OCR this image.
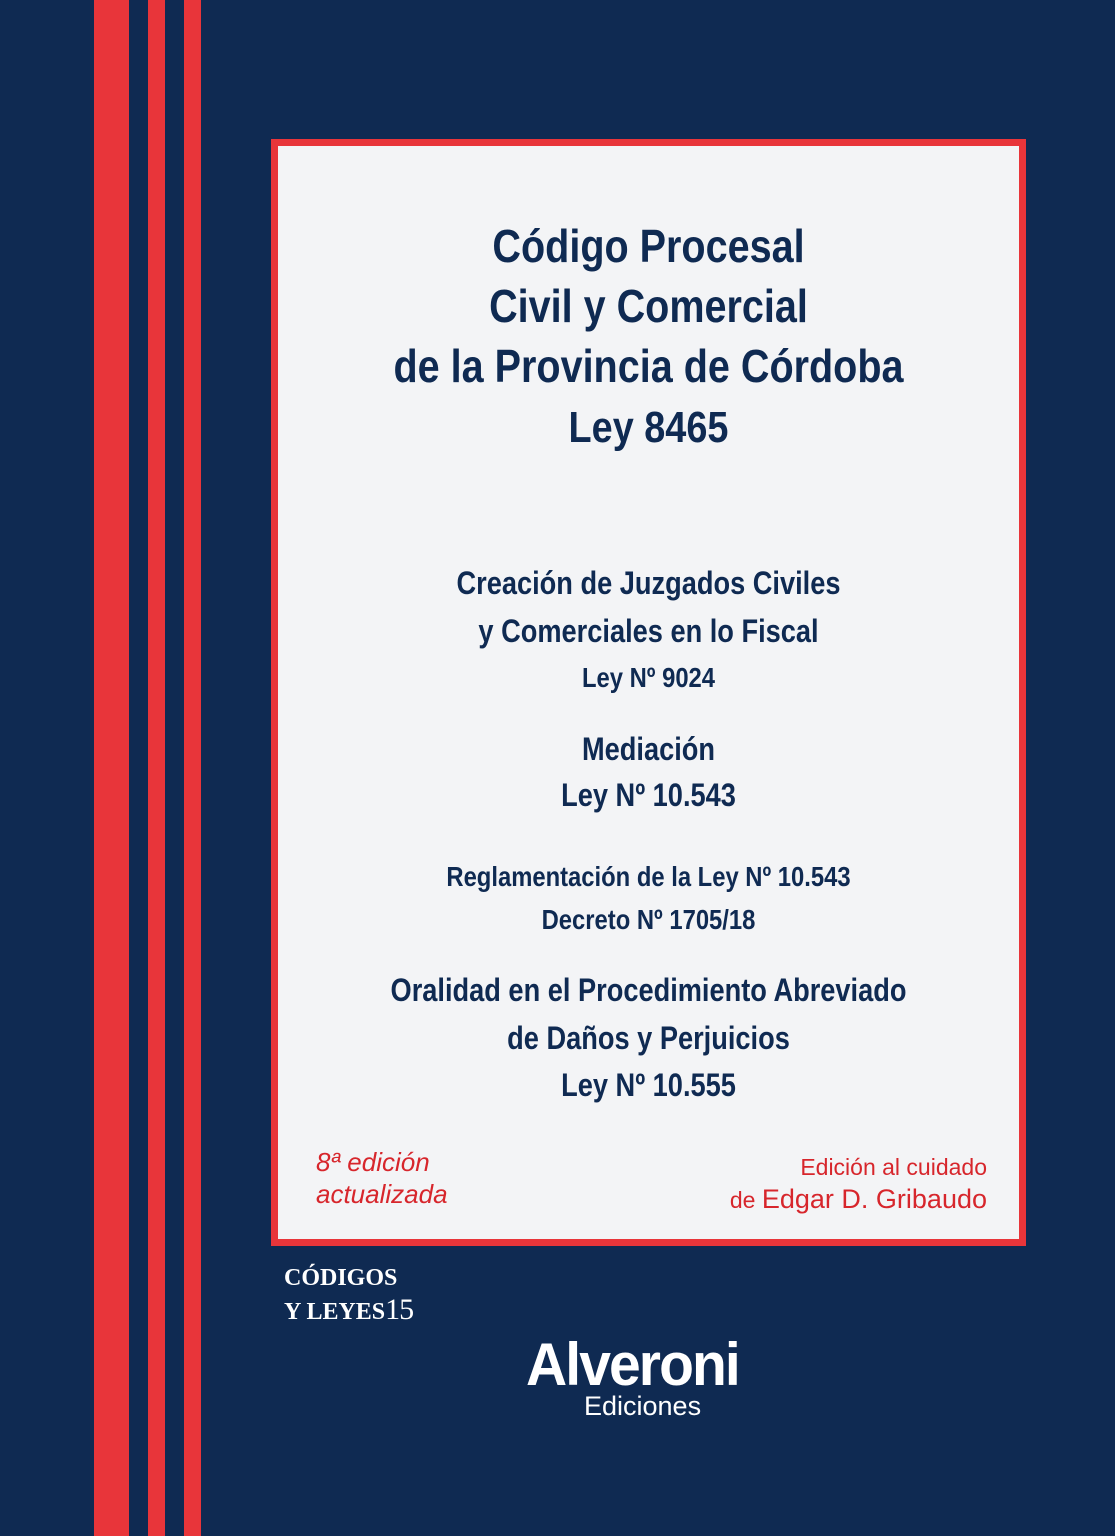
Código Procesal
Civil y Comercial
de la Provincia de Córdoba
Ley 8465
Creación de Juzgados Civiles
y Comerciales en lo Fiscal
Ley Nº 9024
Mediación
Ley Nº 10.543
Reglamentación de la Ley Nº 10.543
Decreto Nº 1705/18
Oralidad en el Procedimiento Abreviado
de Daños y Perjuicios
Ley Nº 10.555
8ª edición
actualizada
Edición al cuidado
de Edgar D. Gribaudo
CÓDIGOS
Y LEYES15
Alveroni
Ediciones
